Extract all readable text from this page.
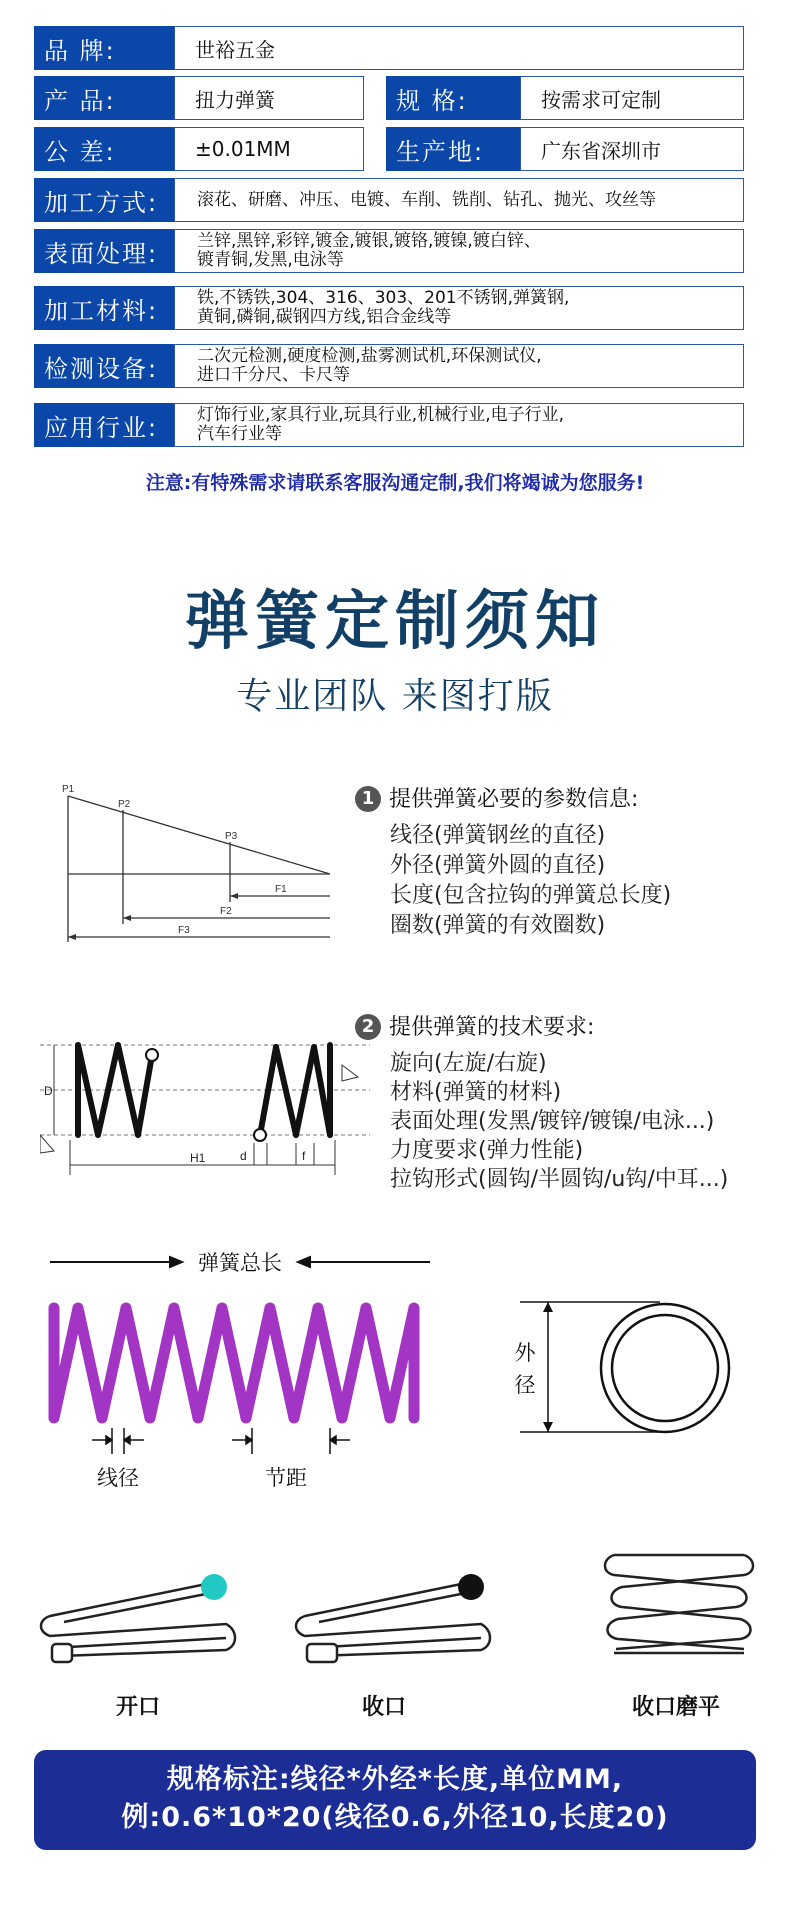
品 牌:	世裕五金
产 品:	扭力弹簧	规 格:	按需求可定制
公 差:	±0.01MM	生产地:	广东省深圳市
加工方式:	滚花、研磨、冲压、电镀、车削、铣削、钻孔、抛光、攻丝等
表面处理:	兰锌,黑锌,彩锌,镀金,镀银,镀铬,镀镍,镀白锌、
镀青铜,发黑,电泳等
加工材料:	铁,不锈铁,304、316、303、201不锈钢,弹簧钢,
黄铜,磷铜,碳钢四方线,铝合金线等
检测设备:	二次元检测,硬度检测,盐雾测试机,环保测试仪,
进口千分尺、卡尺等
应用行业:	灯饰行业,家具行业,玩具行业,机械行业,电子行业,
汽车行业等
注意:有特殊需求请联系客服沟通定制,我们将竭诚为您服务!
弹簧定制须知
专业团队 来图打版
P1
P2
P3
F1
F2
F3
1 提供弹簧必要的参数信息:
线径(弹簧钢丝的直径)
外径(弹簧外圆的直径)
长度(包含拉钩的弹簧总长度)
圈数(弹簧的有效圈数)
D
d	f
H1
2 提供弹簧的技术要求:
旋向(左旋/右旋)
材料(弹簧的材料)
表面处理(发黑/镀锌/镀镍/电泳...)
力度要求(弹力性能)
拉钩形式(圆钩/半圆钩/u钩/中耳...)
弹簧总长
线径	节距
外
径
开口	收口	收口磨平
规格标注:线径*外经*长度,单位MM,
例:0.6*10*20(线径0.6,外径10,长度20)
